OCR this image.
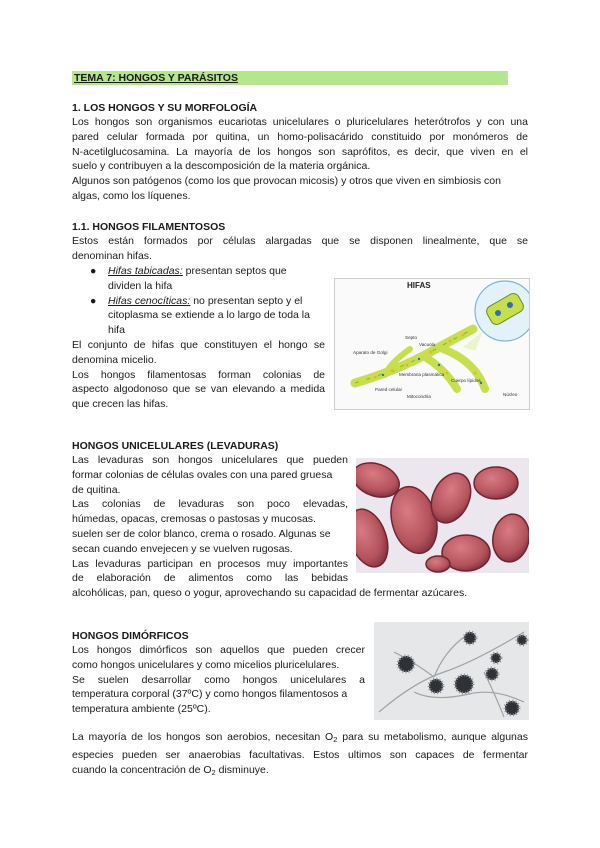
TEMA 7: HONGOS Y PARÁSITOS
1. LOS HONGOS Y SU MORFOLOGÍA
Los hongos son organismos eucariotas unicelulares o pluricelulares heterótrofos y con una
pared celular formada por quitina, un homo-polisacárido constituido por monómeros de
N-acetilglucosamina. La mayoría de los hongos son saprófitos, es decir, que viven en el
suelo y contribuyen a la descomposición de la materia orgánica.
Algunos son patógenos (como los que provocan micosis) y otros que viven en simbiosis con
algas, como los líquenes.
1.1. HONGOS FILAMENTOSOS
Estos están formados por células alargadas que se disponen linealmente, que se
denominan hifas.
● Hifas tabicadas: presentan septos que
dividen la hifa
● Hifas cenocíticas: no presentan septo y el
citoplasma se extiende a lo largo de toda la
hifa
El conjunto de hifas que constituyen el hongo se
denomina micelio.
Los hongos filamentosas forman colonias de
aspecto algodonoso que se van elevando a medida
que crecen las hifas.
HIFAS
Septo
Vacuola
Aparato de Golgi
Membrana plasmática
Pared celular
Cuerpo lípidos
Mitocondria	Núcleo
HONGOS UNICELULARES (LEVADURAS)
Las levaduras son hongos unicelulares que pueden
formar colonias de células ovales con una pared gruesa
de quitina.
Las colonias de levaduras son poco elevadas,
húmedas, opacas, cremosas o pastosas y mucosas.
suelen ser de color blanco, crema o rosado. Algunas se
secan cuando envejecen y se vuelven rugosas.
Las levaduras participan en procesos muy importantes
de elaboración de alimentos como las bebidas
alcohólicas, pan, queso o yogur, aprovechando su capacidad de fermentar azúcares.
HONGOS DIMÓRFICOS
Los hongos dimórficos son aquellos que pueden crecer
como hongos unicelulares y como micelios pluricelulares.
Se suelen desarrollar como hongos unicelulares a
temperatura corporal (37ºC) y como hongos filamentosos a
temperatura ambiente (25ºC).
La mayoría de los hongos son aerobios, necesitan $O_2$ para su metabolismo, aunque algunas
especies pueden ser anaerobias facultativas. Estos ultimos son capaces de fermentar
cuando la concentración de $O_2$ disminuye.
